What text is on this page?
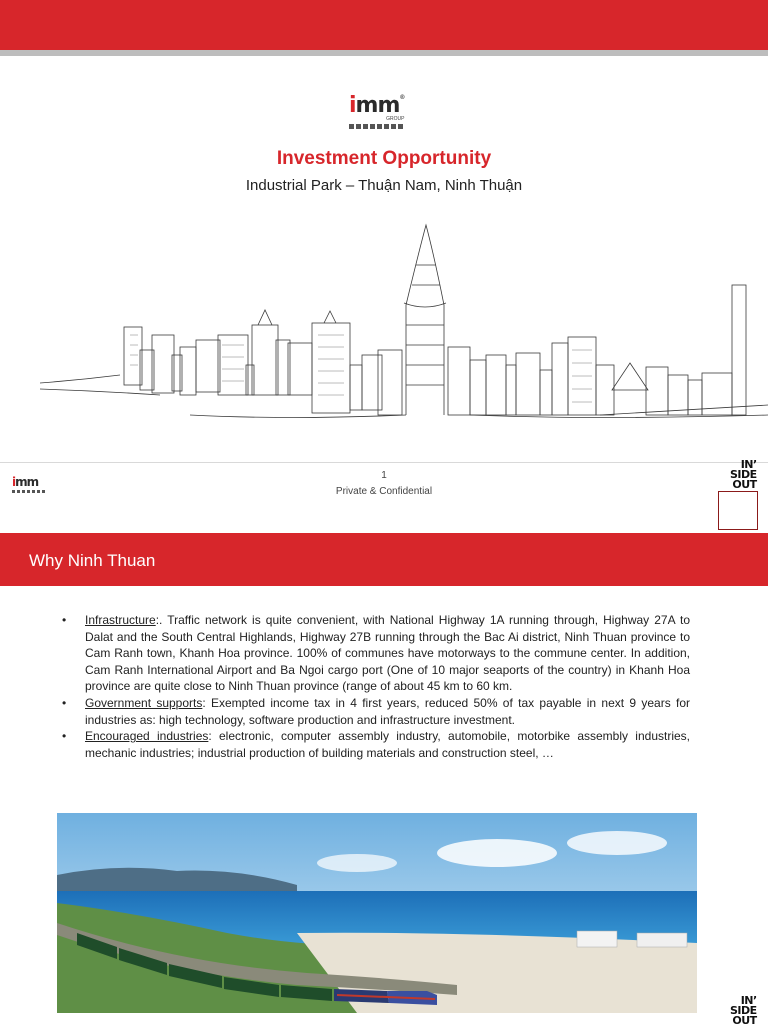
imm®
GROUP
Investment Opportunity
Industrial Park – Thuận Nam, Ninh Thuận
imm	1
Private & Confidential
IN’
SIDE
OUT
Why Ninh Thuan
• Infrastructure:. Traffic network is quite convenient, with National Highway 1A running through, Highway 27A to Dalat and the South Central Highlands, Highway 27B running through the Bac Ai district, Ninh Thuan province to Cam Ranh town, Khanh Hoa province. 100% of communes have motorways to the commune center. In addition, Cam Ranh International Airport and Ba Ngoi cargo port (One of 10 major seaports of the country) in Khanh Hoa province are quite close to Ninh Thuan province (range of about 45 km to 60 km.
• Government supports: Exempted income tax in 4 first years, reduced 50% of tax payable in next 9 years for industries as: high technology, software production and infrastructure investment.
• Encouraged industries: electronic, computer assembly industry, automobile, motorbike assembly industries, mechanic industries; industrial production of building materials and construction steel, …
IN’
SIDE
OUT
